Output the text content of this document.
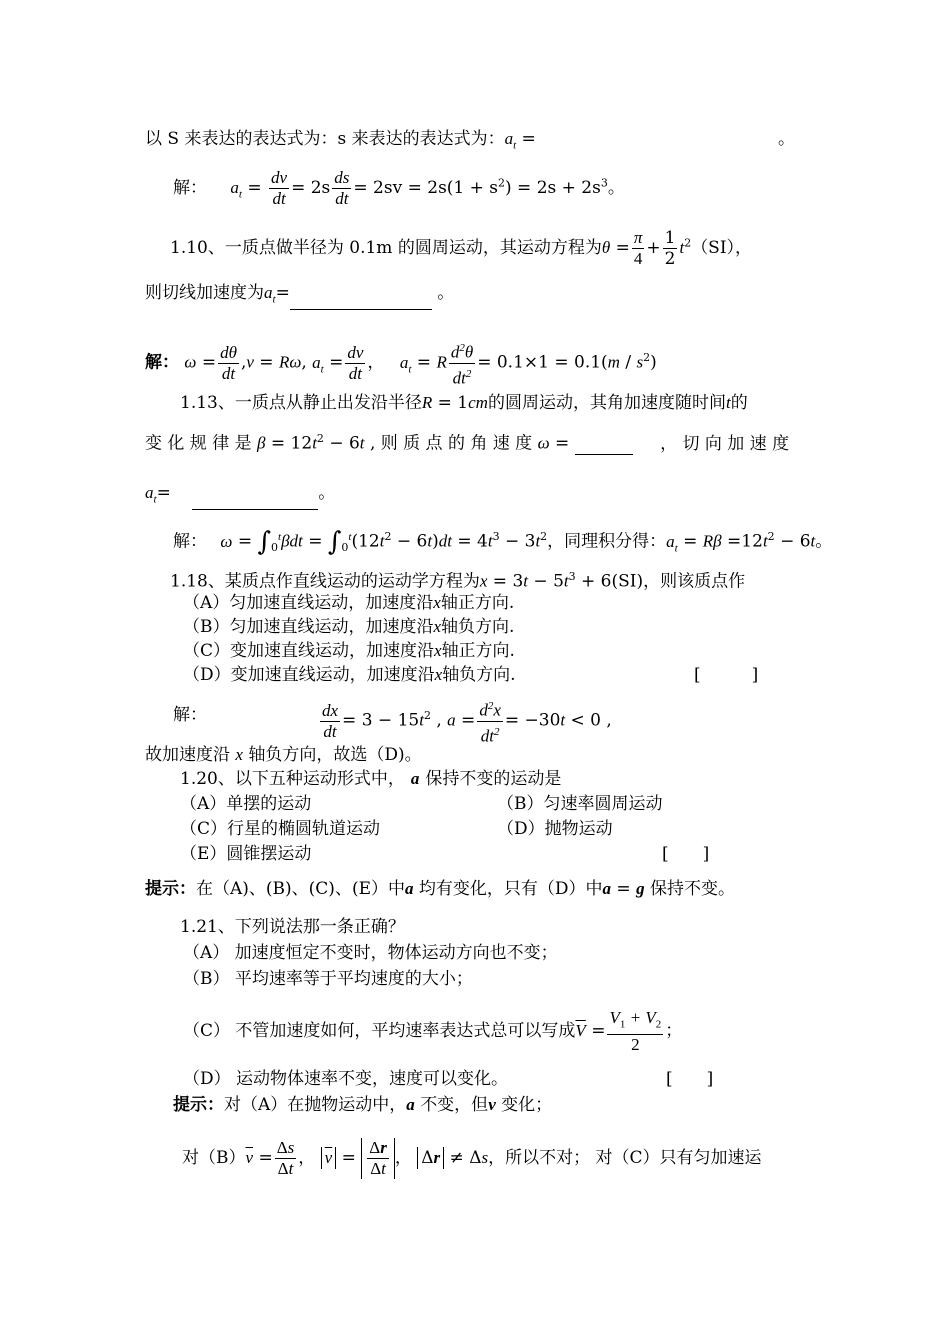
以 S 来表达的表达式为：s 来表达的表达式为：$a_t$ =	。
解： $a_t = \frac{dv}{dt} = 2s \frac{ds}{dt} = 2sv = 2s(1 + s^2) = 2s + 2s^3$。
1.10、一质点做半径为 0.1m 的圆周运动，其运动方程为$\theta = \frac{\pi}{4} + \frac{1}{2} t^2(SI)$，
则切线加速度为$a_t=$	。
解： $\omega = \frac{d\theta}{dt} ,v = R\omega$, $a_t = \frac{dv}{dt}$ ， $a_t = R \frac{d^2\theta}{dt^2} = 0.1\times 1 = 0.1(m / s^2)$
1.13、一质点从静止出发沿半径R = 1cm的圆周运动，其角加速度随时间t的
变 化 规 律 是 $\beta = 12t^2 - 6t$ , 则 质 点 的 角 速 度 ω =	， 切 向 加 速 度
$a_t=$	。
解： $\omega = \int_0^t\beta dt = \int_0^t(12t^2 - 6t)dt = 4t^3 - 3t^2$，同理积分得：$a_t = R\beta =12t^2 - 6t$。
1.18、某质点作直线运动的运动学方程为$x = 3t - 5t^3 + 6(SI)$，则该质点作
（A）匀加速直线运动，加速度沿x轴正方向.
（B）匀加速直线运动，加速度沿x轴负方向.
（C）变加速直线运动，加速度沿x轴正方向.
（D）变加速直线运动，加速度沿x轴负方向.	[　　　]
解：	$\frac{dx}{dt} = 3 - 15t^2$ , $a = \frac{d^2x}{dt^2} = -30t < 0$ ,
故加速度沿 x 轴负方向，故选（D)。
1.20、以下五种运动形式中， a 保持不变的运动是
（A）单摆的运动	（B）匀速率圆周运动
（C）行星的椭圆轨道运动	（D）抛物运动
（E）圆锥摆运动	[　　]
提示：在（A)、(B)、(C)、(E）中a 均有变化，只有（D）中a = g 保持不变。
1.21、下列说法那一条正确？
（A） 加速度恒定不变时，物体运动方向也不变；
（B） 平均速率等于平均速度的大小；
（C） 不管加速度如何，平均速率表达式总可以写成$\overline{V} = \frac{V_1 + V_2}{2}$ ；
（D） 运动物体速率不变，速度可以变化。	[　　]
提示：对（A）在抛物运动中，a 不变，但v 变化；
对$(B)\overline{v} = \frac{\Delta s}{\Delta t}$ ， $\overline{v} = \frac{\Delta r}{\Delta t}$ ， Δr ≠ Δs，所以不对； 对（C）只有匀加速运
